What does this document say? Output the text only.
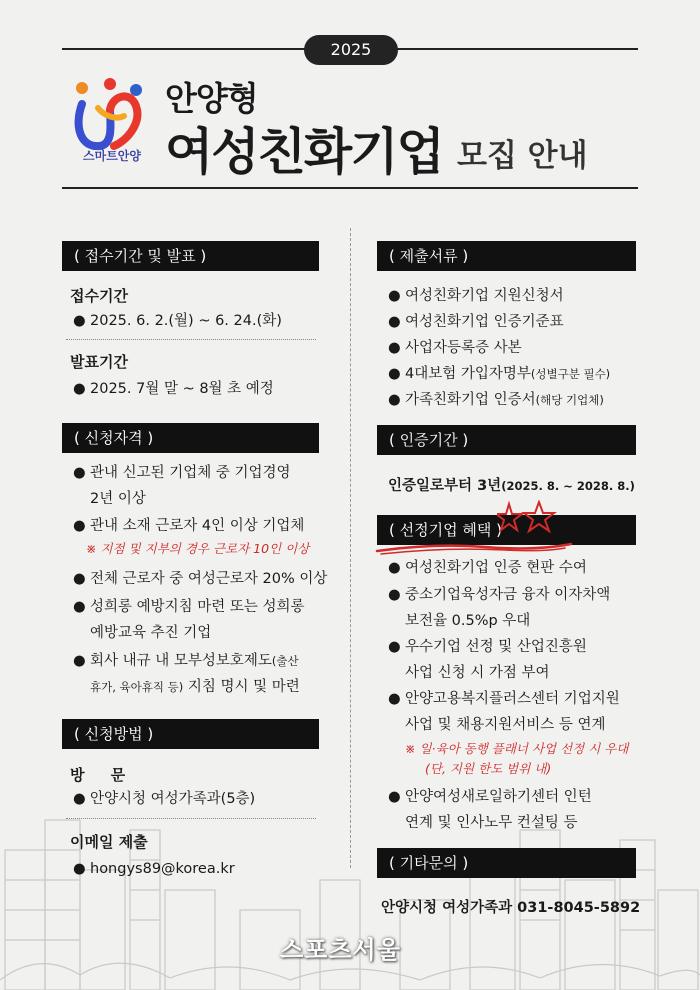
2025
스마트안양
안양형
여성친화기업 모집 안내
( 접수기간 및 발표 )
접수기간
● 2025. 6. 2.(월) ~ 6. 24.(화)
발표기간
● 2025. 7월 말 ~ 8월 초 예정
( 신청자격 )
● 관내 신고된 기업체 중 기업경영
2년 이상
● 관내 소재 근로자 4인 이상 기업체
※ 지점 및 지부의 경우 근로자 10인 이상
● 전체 근로자 중 여성근로자 20% 이상
● 성희롱 예방지침 마련 또는 성희롱
예방교육 추진 기업
● 회사 내규 내 모부성보호제도(출산
휴가, 육아휴직 등) 지침 명시 및 마련
( 신청방법 )
방     문
● 안양시청 여성가족과(5층)
이메일 제출
● hongys89@korea.kr
( 제출서류 )
● 여성친화기업 지원신청서
● 여성친화기업 인증기준표
● 사업자등록증 사본
● 4대보험 가입자명부(성별구분 필수)
● 가족친화기업 인증서(해당 기업체)
( 인증기간 )
인증일로부터 3년(2025. 8. ~ 2028. 8.)
( 선정기업 혜택 )
● 여성친화기업 인증 현판 수여
● 중소기업육성자금 융자 이자차액
보전율 0.5%p 우대
● 우수기업 선정 및 산업진흥원
사업 신청 시 가점 부여
● 안양고용복지플러스센터 기업지원
사업 및 채용지원서비스 등 연계
※ 일·육아 동행 플래너 사업 선정 시 우대
(단, 지원 한도 범위 내)
● 안양여성새로일하기센터 인턴
연계 및 인사노무 컨설팅 등
( 기타문의 )
안양시청 여성가족과 031-8045-5892
스포츠서울
